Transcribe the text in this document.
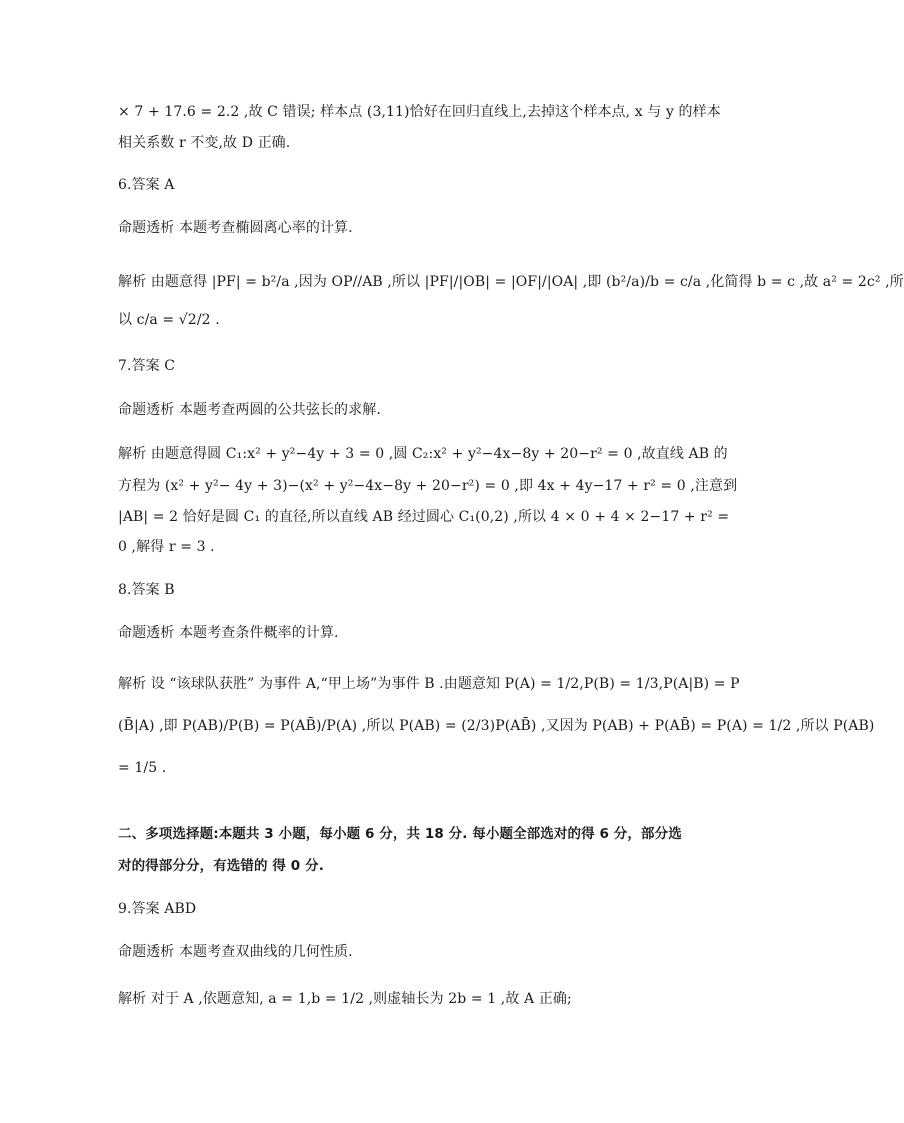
× 7 + 17.6 = 2.2 ,故 C 错误; 样本点 (3,11)恰好在回归直线上,去掉这个样本点, x 与 y 的样本
相关系数 r 不变,故 D 正确.
6.答案 A
命题透析 本题考查椭圆离心率的计算.
解析 由题意得 |PF| = b²/a ,因为 OP//AB ,所以 |PF|/|OB| = |OF|/|OA| ,即 (b²/a)/b = c/a ,化简得 b = c ,故 a² = 2c² ,所
以 c/a = √2/2 .
7.答案 C
命题透析 本题考查两圆的公共弦长的求解.
解析 由题意得圆 C₁:x² + y²−4y + 3 = 0 ,圆 C₂:x² + y²−4x−8y + 20−r² = 0 ,故直线 AB 的
方程为 (x² + y²− 4y + 3)−(x² + y²−4x−8y + 20−r²) = 0 ,即 4x + 4y−17 + r² = 0 ,注意到
|AB| = 2 恰好是圆 C₁ 的直径,所以直线 AB 经过圆心 C₁(0,2) ,所以 4 × 0 + 4 × 2−17 + r² =
0 ,解得 r = 3 .
8.答案 B
命题透析 本题考查条件概率的计算.
解析 设 “该球队获胜” 为事件 A,“甲上场”为事件 B .由题意知 P(A) = 1/2,P(B) = 1/3,P(A|B) = P
(B̄|A) ,即 P(AB)/P(B) = P(AB̄)/P(A) ,所以 P(AB) = (2/3)P(AB̄) ,又因为 P(AB) + P(AB̄) = P(A) = 1/2 ,所以 P(AB)
= 1/5 .
二、多项选择题:本题共 3 小题，每小题 6 分，共 18 分. 每小题全部选对的得 6 分，部分选
对的得部分分，有选错的 得 0 分.
9.答案 ABD
命题透析 本题考查双曲线的几何性质.
解析 对于 A ,依题意知, a = 1,b = 1/2 ,则虚轴长为 2b = 1 ,故 A 正确;
